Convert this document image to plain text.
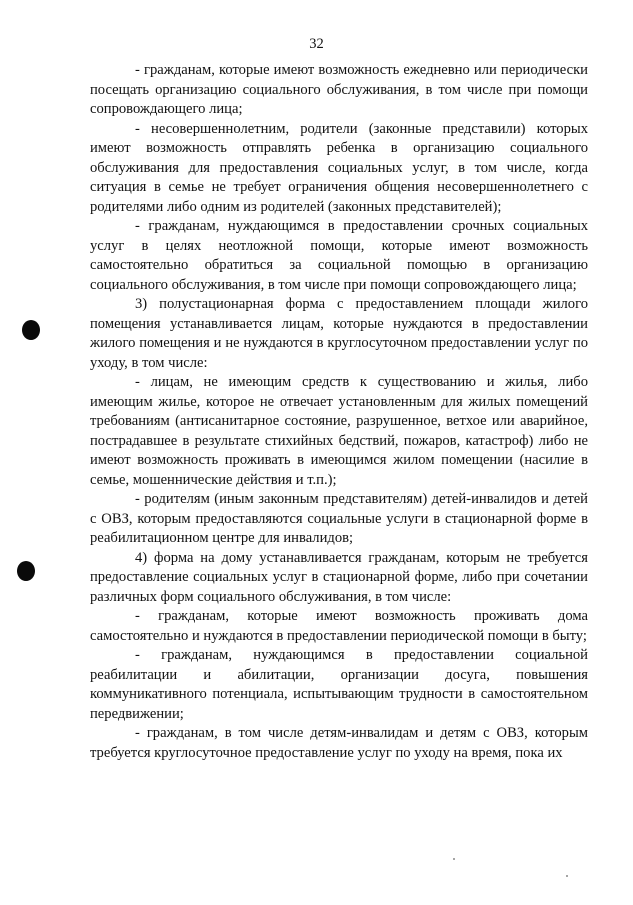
32

- гражданам, которые имеют возможность ежедневно или периодически посещать организацию социального обслуживания, в том числе при помощи сопровождающего лица;

- несовершеннолетним, родители (законные представили) которых имеют возможность отправлять ребенка в организацию социального обслуживания для предоставления социальных услуг, в том числе, когда ситуация в семье не требует ограничения общения несовершеннолетнего с родителями либо одним из родителей (законных представителей);

- гражданам, нуждающимся в предоставлении срочных социальных услуг в целях неотложной помощи, которые имеют возможность самостоятельно обратиться за социальной помощью в организацию социального обслуживания, в том числе при помощи сопровождающего лица;

3) полустационарная форма с предоставлением площади жилого помещения устанавливается лицам, которые нуждаются в предоставлении жилого помещения и не нуждаются в круглосуточном предоставлении услуг по уходу, в том числе:

- лицам, не имеющим средств к существованию и жилья, либо имеющим жилье, которое не отвечает установленным для жилых помещений требованиям (антисанитарное состояние, разрушенное, ветхое или аварийное, пострадавшее в результате стихийных бедствий, пожаров, катастроф) либо не имеют возможность проживать в имеющимся жилом помещении (насилие в семье, мошеннические действия и т.п.);

- родителям (иным законным представителям) детей-инвалидов и детей с ОВЗ, которым предоставляются социальные услуги в стационарной форме в реабилитационном центре для инвалидов;

4) форма на дому устанавливается гражданам, которым не требуется предоставление социальных услуг в стационарной форме, либо при сочетании различных форм социального обслуживания, в том числе:

- гражданам, которые имеют возможность проживать дома самостоятельно и нуждаются в предоставлении периодической помощи в быту;

- гражданам, нуждающимся в предоставлении социальной реабилитации и абилитации, организации досуга, повышения коммуникативного потенциала, испытывающим трудности в самостоятельном передвижении;

- гражданам, в том числе детям-инвалидам и детям с ОВЗ, которым требуется круглосуточное предоставление услуг по уходу на время, пока их
